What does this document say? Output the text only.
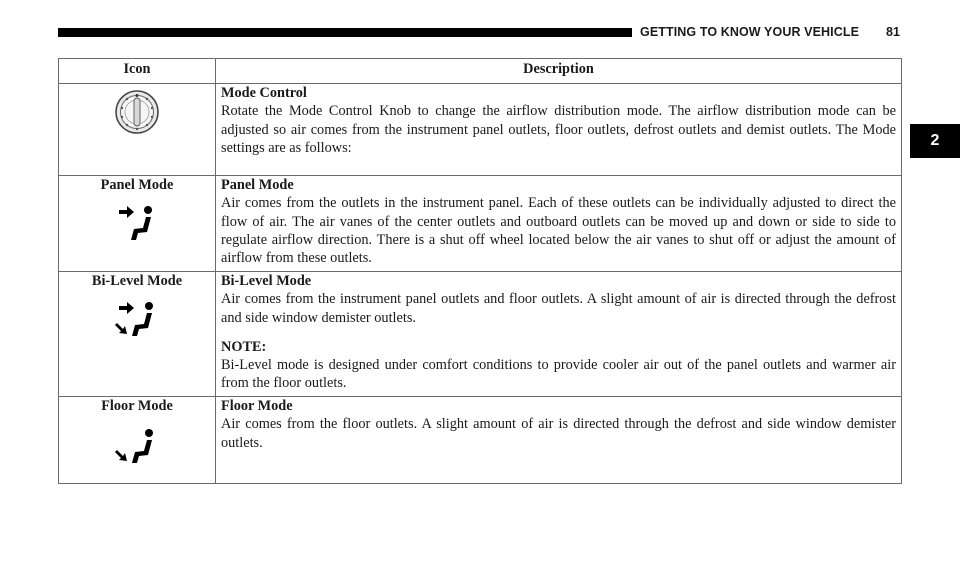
GETTING TO KNOW YOUR VEHICLE 81
2
Icon	Description

Mode Control
Rotate the Mode Control Knob to change the airflow distribution mode. The airflow distribution mode can be adjusted so air comes from the instrument panel outlets, floor outlets, defrost outlets and demist outlets. The Mode settings are as follows:

Panel Mode	Panel Mode
Air comes from the outlets in the instrument panel. Each of these outlets can be individually adjusted to direct the flow of air. The air vanes of the center outlets and outboard outlets can be moved up and down or side to side to regulate airflow direction. There is a shut off wheel located below the air vanes to shut off or adjust the amount of airflow from these outlets.

Bi-Level Mode	Bi-Level Mode
Air comes from the instrument panel outlets and floor outlets. A slight amount of air is directed through the defrost and side window demister outlets.
NOTE:
Bi-Level mode is designed under comfort conditions to provide cooler air out of the panel outlets and warmer air from the floor outlets.

Floor Mode	Floor Mode
Air comes from the floor outlets. A slight amount of air is directed through the defrost and side window demister outlets.
